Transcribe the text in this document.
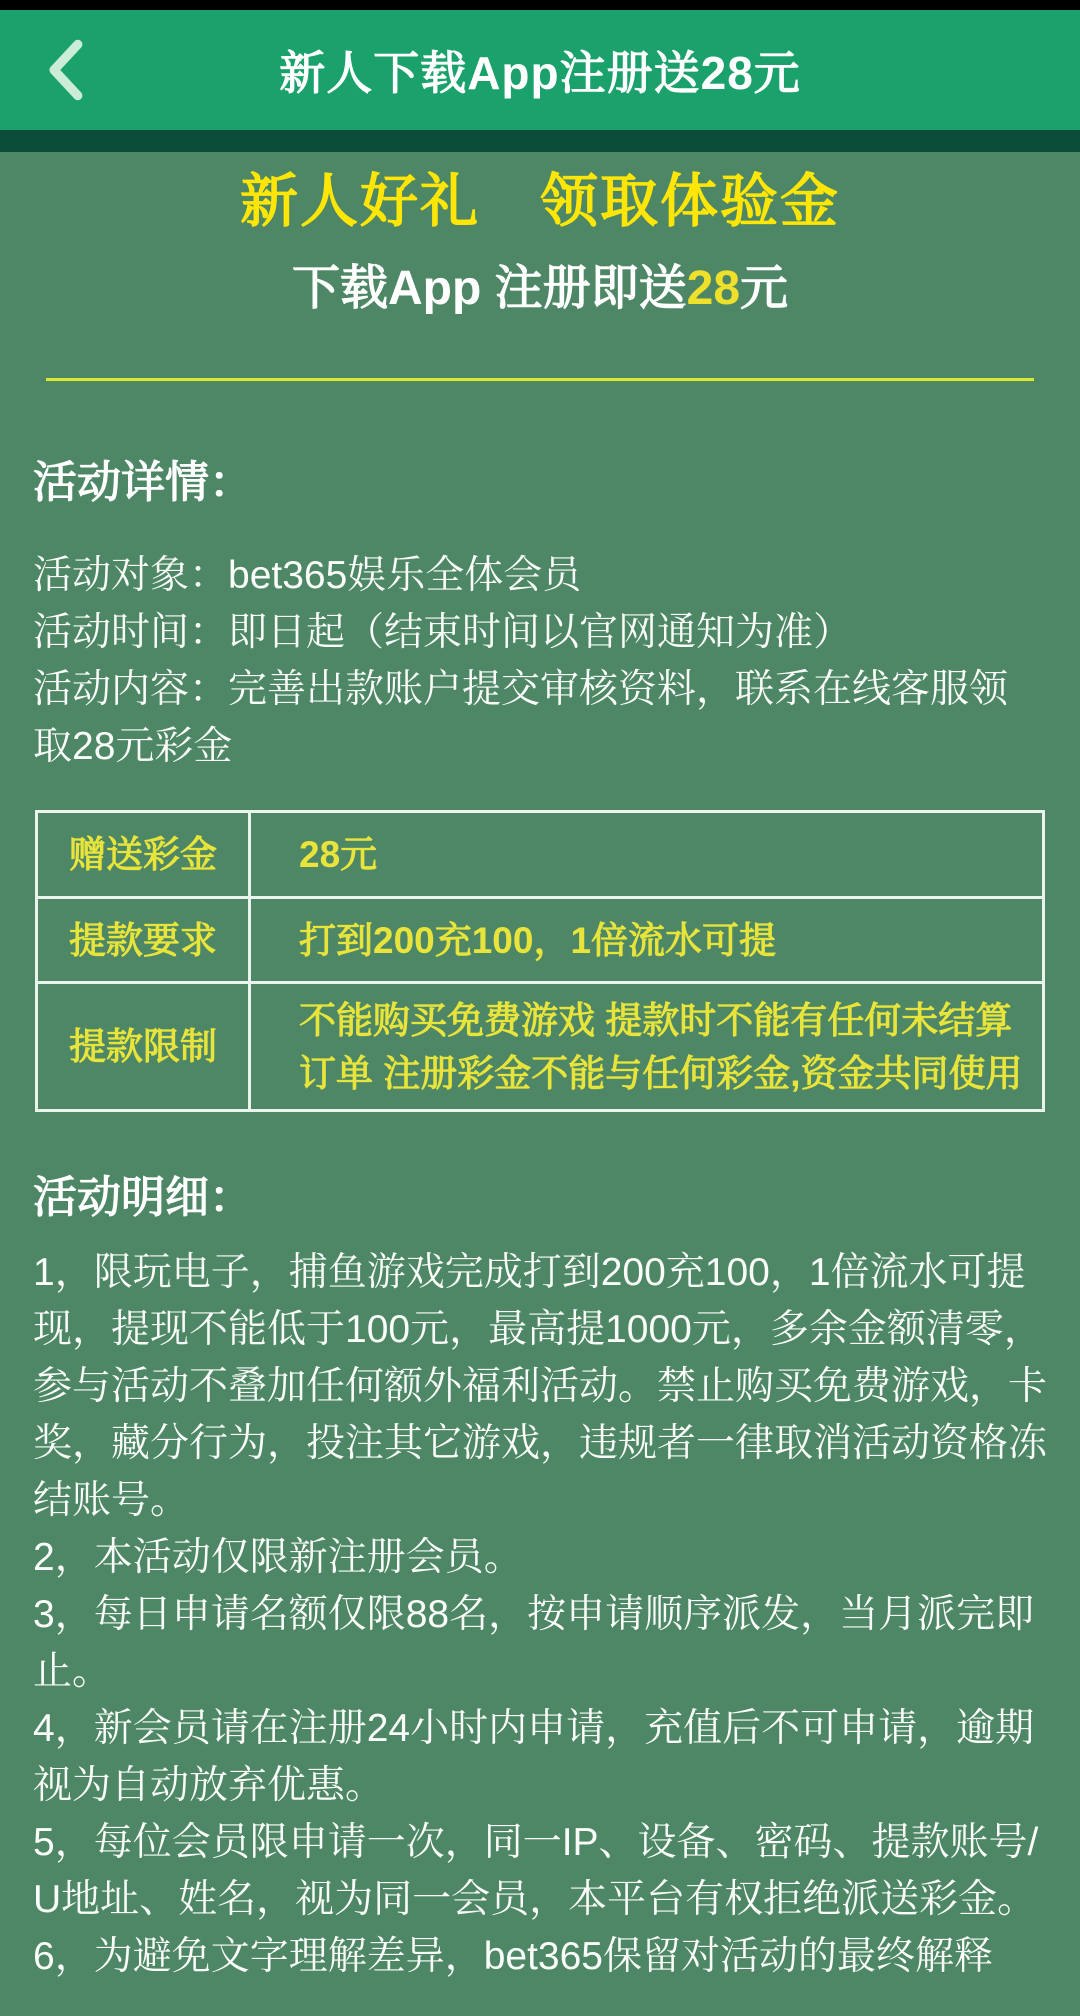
新人下载App注册送28元
新人好礼　领取体验金

下载App 注册即送28元

活动详情：

活动对象：bet365娱乐全体会员

活动时间：即日起（结束时间以官网通知为准）

活动内容：完善出款账户提交审核资料，联系在线客服领取28元彩金

赠送彩金	28元
提款要求	打到200充100，1倍流水可提
提款限制	不能购买免费游戏 提款时不能有任何未结算订单 注册彩金不能与任何彩金,资金共同使用
活动明细：

1，限玩电子，捕鱼游戏完成打到200充100，1倍流水可提现，提现不能低于100元，最高提1000元，多余金额清零，参与活动不叠加任何额外福利活动。禁止购买免费游戏，卡奖，藏分行为，投注其它游戏，违规者一律取消活动资格冻结账号。

2，本活动仅限新注册会员。

3，每日申请名额仅限88名，按申请顺序派发，当月派完即止。

4，新会员请在注册24小时内申请，充值后不可申请，逾期视为自动放弃优惠。

5，每位会员限申请一次，同一IP、设备、密码、提款账号/U地址、姓名，视为同一会员，本平台有权拒绝派送彩金。

6，为避免文字理解差异，bet365保留对活动的最终解释
